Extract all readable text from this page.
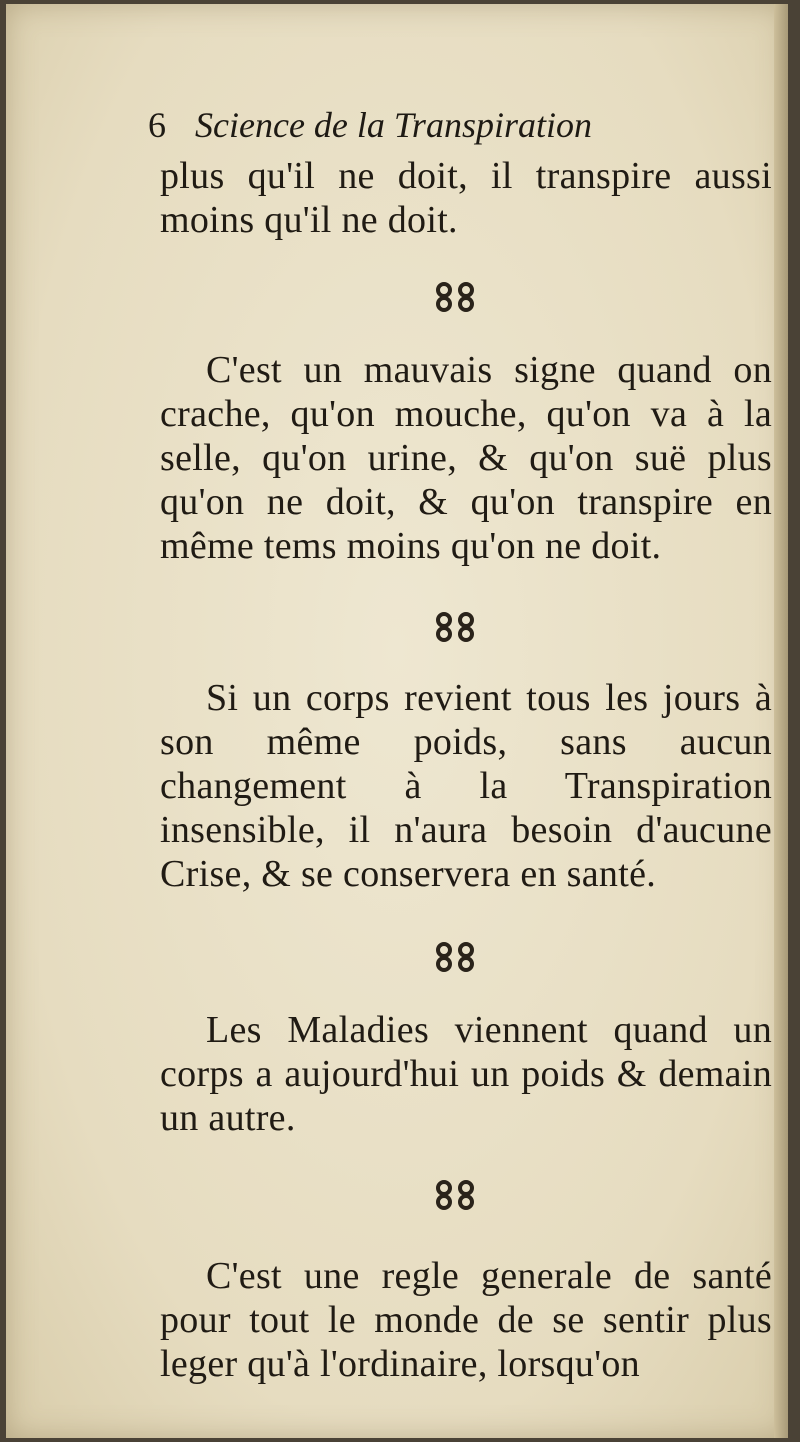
6 Science de la Transpiration

plus qu'il ne doit, il transpire aussi moins qu'il ne doit.

C'est un mauvais signe quand on crache, qu'on mouche, qu'on va à la selle, qu'on urine, & qu'on suë plus qu'on ne doit, & qu'on transpire en même tems moins qu'on ne doit.

Si un corps revient tous les jours à son même poids, sans aucun changement à la Transpiration insensible, il n'aura besoin d'aucune Crise, & se conservera en santé.

Les Maladies viennent quand un corps a aujourd'hui un poids & demain un autre.

C'est une regle generale de santé pour tout le monde de se sentir plus leger qu'à l'ordinaire, lorsqu'on
